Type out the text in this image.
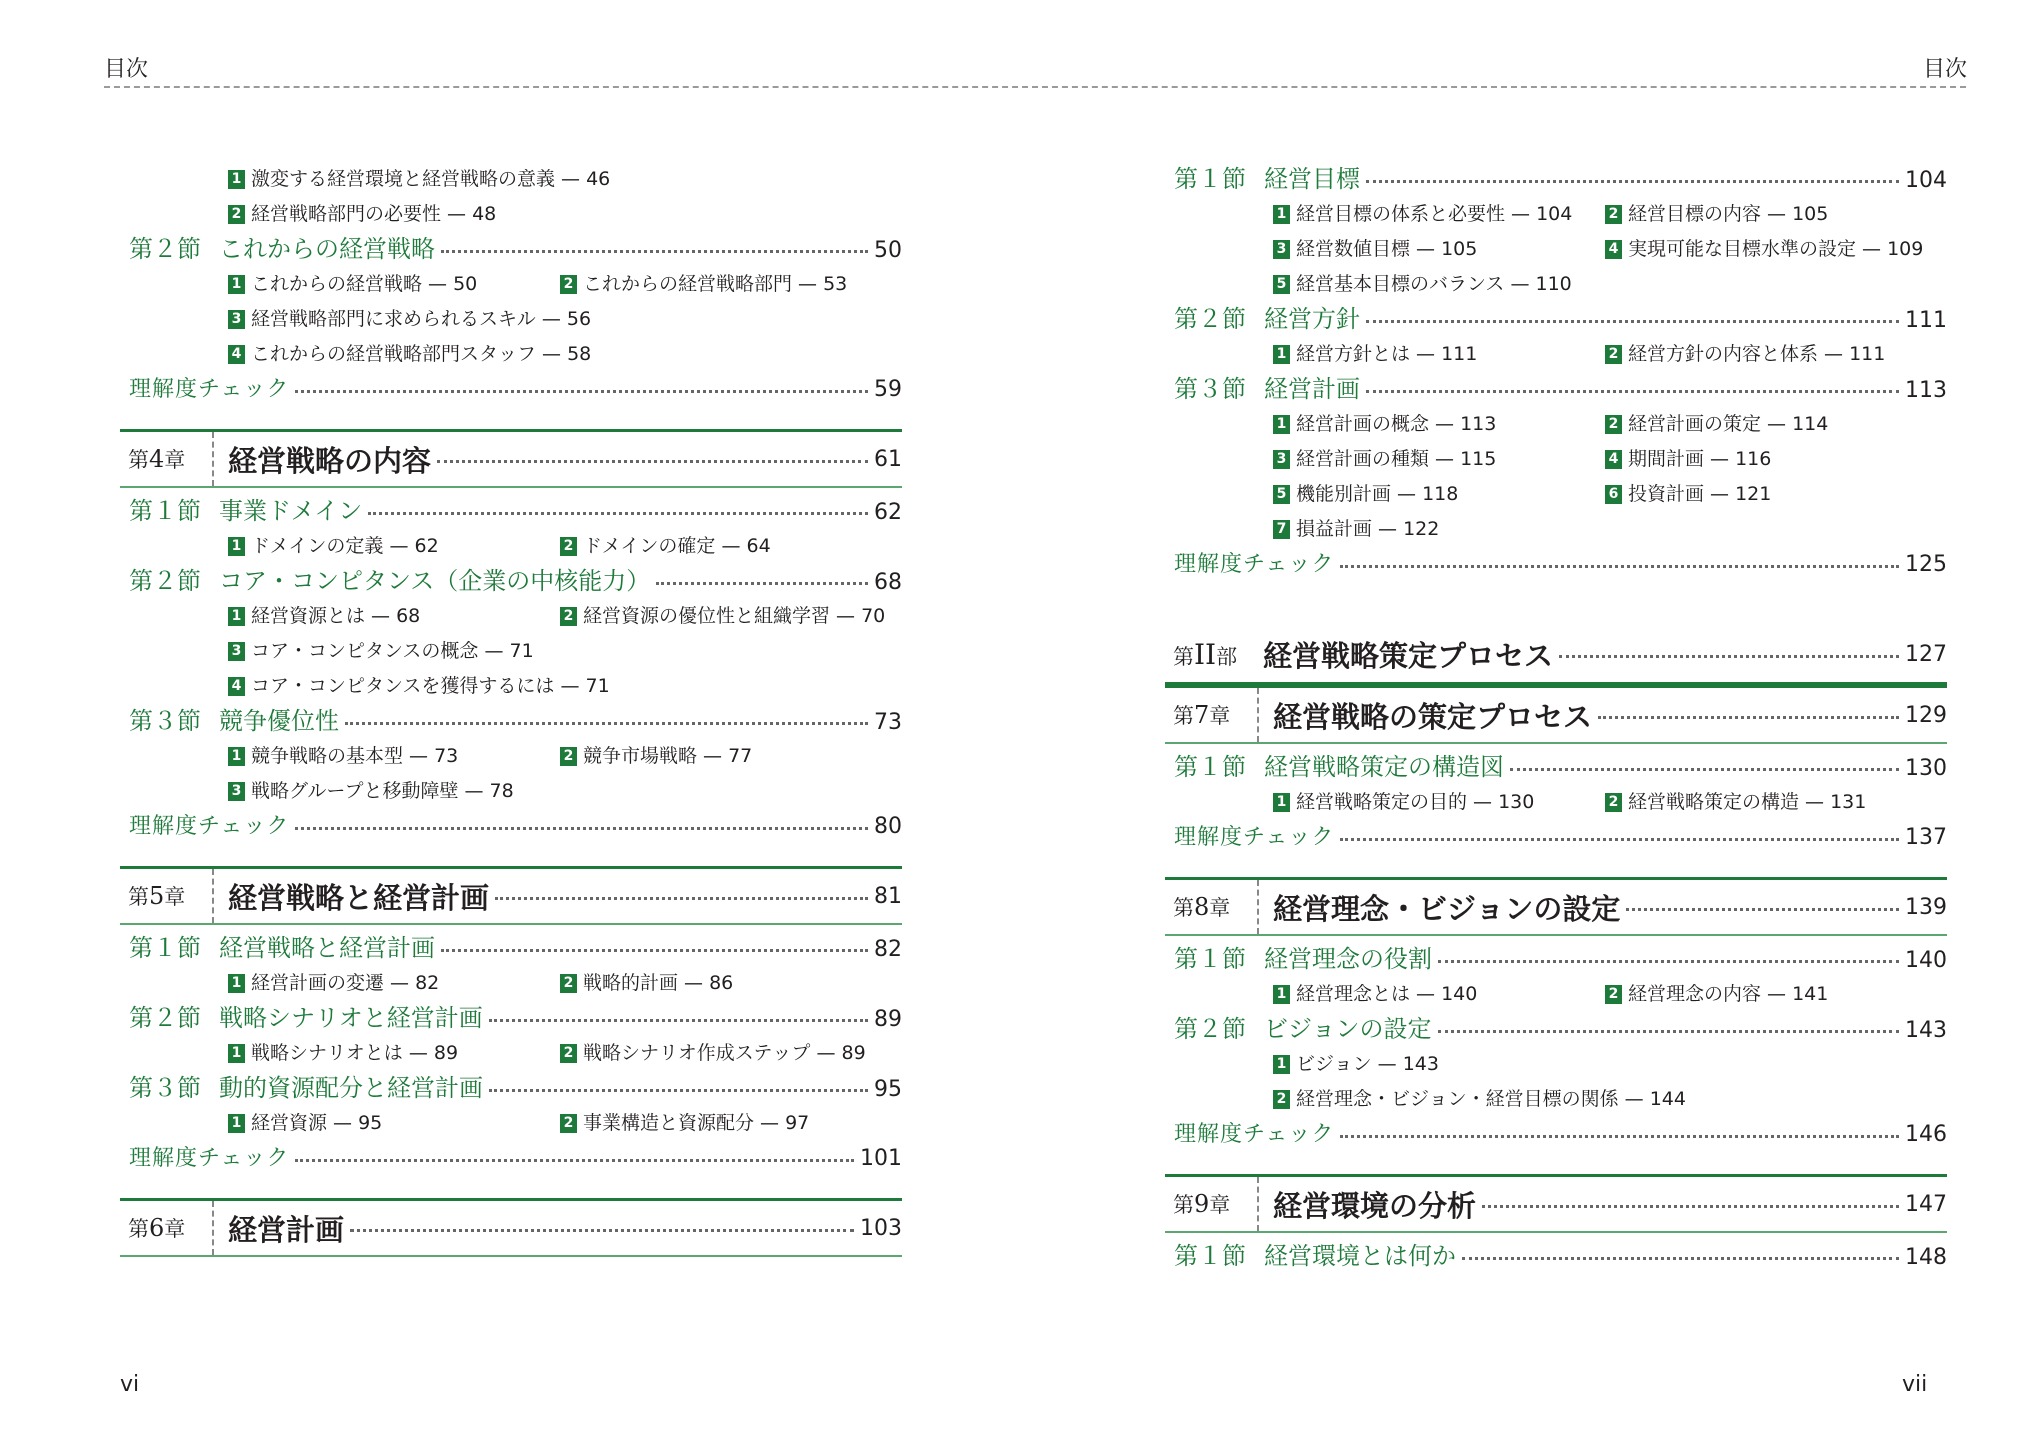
目次	目次
1 激変する経営環境と経営戦略の意義 — 46
2 経営戦略部門の必要性 — 48
第２節 これからの経営戦略	50
1 これからの経営戦略 — 50	2 これからの経営戦略部門 — 53
3 経営戦略部門に求められるスキル — 56
4 これからの経営戦略部門スタッフ — 58
理解度チェック	59
第 4 章	経営戦略の内容	61
第１節 事業ドメイン	62
1 ドメインの定義 — 62	2 ドメインの確定 — 64
第２節 コア・コンピタンス（企業の中核能力）	68
1 経営資源とは — 68	2 経営資源の優位性と組織学習 — 70
3 コア・コンピタンスの概念 — 71
4 コア・コンピタンスを獲得するには — 71
第３節 競争優位性	73
1 競争戦略の基本型 — 73	2 競争市場戦略 — 77
3 戦略グループと移動障壁 — 78
理解度チェック	80
第 5 章	経営戦略と経営計画	81
第１節 経営戦略と経営計画	82
1 経営計画の変遷 — 82	2 戦略的計画 — 86
第２節 戦略シナリオと経営計画	89
1 戦略シナリオとは — 89	2 戦略シナリオ作成ステップ — 89
第３節 動的資源配分と経営計画	95
1 経営資源 — 95	2 事業構造と資源配分 — 97
理解度チェック	101
第 6 章	経営計画	103
第１節 経営目標	104
1 経営目標の体系と必要性 — 104	2 経営目標の内容 — 105
3 経営数値目標 — 105	4 実現可能な目標水準の設定 — 109
5 経営基本目標のバランス — 110
第２節 経営方針	111
1 経営方針とは — 111	2 経営方針の内容と体系 — 111
第３節 経営計画	113
1 経営計画の概念 — 113	2 経営計画の策定 — 114
3 経営計画の種類 — 115	4 期間計画 — 116
5 機能別計画 — 118	6 投資計画 — 121
7 損益計画 — 122
理解度チェック	125
第II部 経営戦略策定プロセス	127
第 7 章	経営戦略の策定プロセス	129
第１節 経営戦略策定の構造図	130
1 経営戦略策定の目的 — 130	2 経営戦略策定の構造 — 131
理解度チェック	137
第 8 章	経営理念・ビジョンの設定	139
第１節 経営理念の役割	140
1 経営理念とは — 140	2 経営理念の内容 — 141
第２節 ビジョンの設定	143
1 ビジョン — 143
2 経営理念・ビジョン・経営目標の関係 — 144
理解度チェック	146
第 9 章	経営環境の分析	147
第１節 経営環境とは何か	148
vi	vii
